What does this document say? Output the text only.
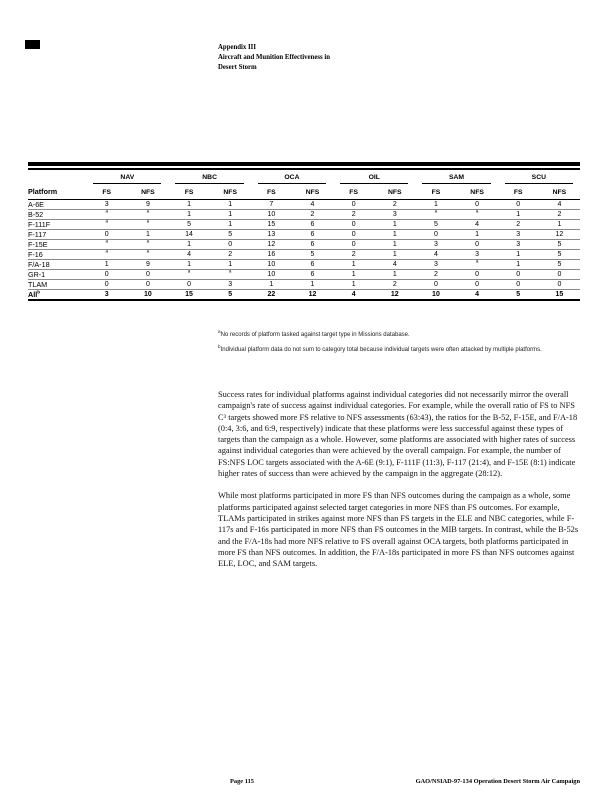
Appendix III
Aircraft and Munition Effectiveness in
Desert Storm

	NAV		NBC		OCA		OIL		SAM		SCU	

Platform	FS	NFS	FS	NFS	FS	NFS	FS	NFS	FS	NFS	FS	NFS
A-6E	3	9	1	1	7	4	0	2	1	0	0	4
B-52	$^a$	$^a$	1	1	10	2	2	3	$^a$	$^a$	1	2
F-111F	$^a$	$^a$	5	1	15	6	0	1	5	4	2	1
F-117	0	1	14	5	13	6	0	1	0	1	3	12
F-15E	$^a$	$^a$	1	0	12	6	0	1	3	0	3	5
F-16	$^a$	$^a$	4	2	16	5	2	1	4	3	1	5
F/A-18	1	9	1	1	10	6	1	4	3	$^a$	1	5
GR-1	0	0	$^a$	$^a$	10	6	1	1	2	0	0	0
TLAM	0	0	0	3	1	1	1	2	0	0	0	0
All$^b$	3	10	15	5	22	12	4	12	10	4	5	15
$^a$No records of platform tasked against target type in Missions database.
$^b$Individual platform data do not sum to category total because individual targets were often attacked by multiple platforms.

Success rates for individual platforms against individual categories did not necessarily mirror the overall campaign's rate of success against individual categories. For example, while the overall ratio of FS to NFS C³ targets showed more FS relative to NFS assessments (63:43), the ratios for the B-52, F-15E, and F/A-18 (0:4, 3:6, and 6:9, respectively) indicate that these platforms were less successful against these types of targets than the campaign as a whole. However, some platforms are associated with higher rates of success against individual categories than were achieved by the overall campaign. For example, the number of FS:NFS LOC targets associated with the A-6E (9:1), F-111F (11:3), F-117 (21:4), and F-15E (8:1) indicate higher rates of success than were achieved by the campaign in the aggregate (28:12).

While most platforms participated in more FS than NFS outcomes during the campaign as a whole, some platforms participated against selected target categories in more NFS than FS outcomes. For example, TLAMs participated in strikes against more NFS than FS targets in the ELE and NBC categories, while F-117s and F-16s participated in more NFS than FS outcomes in the MIB targets. In contrast, while the B-52s and the F/A-18s had more NFS relative to FS overall against OCA targets, both platforms participated in more FS than NFS outcomes. In addition, the F/A-18s participated in more FS than NFS outcomes against ELE, LOC, and SAM targets.

Page 115	GAO/NSIAD-97-134 Operation Desert Storm Air Campaign
